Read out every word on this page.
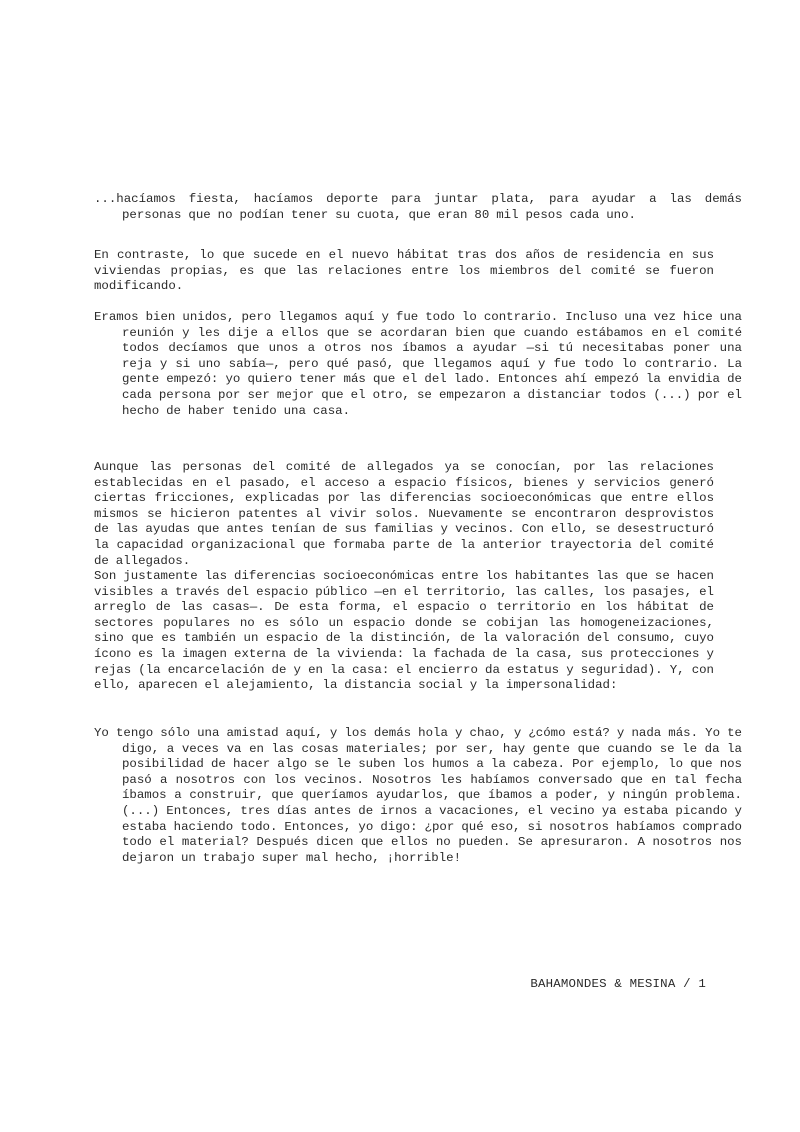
...hacíamos fiesta, hacíamos deporte para juntar plata, para ayudar a las demás personas que no podían tener su cuota, que eran 80 mil pesos cada uno.

En contraste, lo que sucede en el nuevo hábitat tras dos años de residencia en sus viviendas propias, es que las relaciones entre los miembros del comité se fueron modificando.

Eramos bien unidos, pero llegamos aquí y fue todo lo contrario. Incluso una vez hice una reunión y les dije a ellos que se acordaran bien que cuando estábamos en el comité todos decíamos que unos a otros nos íbamos a ayudar —si tú necesitabas poner una reja y si uno sabía—, pero qué pasó, que llegamos aquí y fue todo lo contrario. La gente empezó: yo quiero tener más que el del lado. Entonces ahí empezó la envidia de cada persona por ser mejor que el otro, se empezaron a distanciar todos (...) por el hecho de haber tenido una casa.

Aunque las personas del comité de allegados ya se conocían, por las relaciones establecidas en el pasado, el acceso a espacio físicos, bienes y servicios generó ciertas fricciones, explicadas por las diferencias socioeconómicas que entre ellos mismos se hicieron patentes al vivir solos. Nuevamente se encontraron desprovistos de las ayudas que antes tenían de sus familias y vecinos. Con ello, se desestructuró la capacidad organizacional que formaba parte de la anterior trayectoria del comité de allegados.

Son justamente las diferencias socioeconómicas entre los habitantes las que se hacen visibles a través del espacio público —en el territorio, las calles, los pasajes, el arreglo de las casas—. De esta forma, el espacio o territorio en los hábitat de sectores populares no es sólo un espacio donde se cobijan las homogeneizaciones, sino que es también un espacio de la distinción, de la valoración del consumo, cuyo ícono es la imagen externa de la vivienda: la fachada de la casa, sus protecciones y rejas (la encarcelación de y en la casa: el encierro da estatus y seguridad). Y, con ello, aparecen el alejamiento, la distancia social y la impersonalidad:

Yo tengo sólo una amistad aquí, y los demás hola y chao, y ¿cómo está? y nada más. Yo te digo, a veces va en las cosas materiales; por ser, hay gente que cuando se le da la posibilidad de hacer algo se le suben los humos a la cabeza. Por ejemplo, lo que nos pasó a nosotros con los vecinos. Nosotros les habíamos conversado que en tal fecha íbamos a construir, que queríamos ayudarlos, que íbamos a poder, y ningún problema. (...) Entonces, tres días antes de irnos a vacaciones, el vecino ya estaba picando y estaba haciendo todo. Entonces, yo digo: ¿por qué eso, si nosotros habíamos comprado todo el material? Después dicen que ellos no pueden. Se apresuraron. A nosotros nos dejaron un trabajo super mal hecho, ¡horrible!

BAHAMONDES & MESINA / 1
